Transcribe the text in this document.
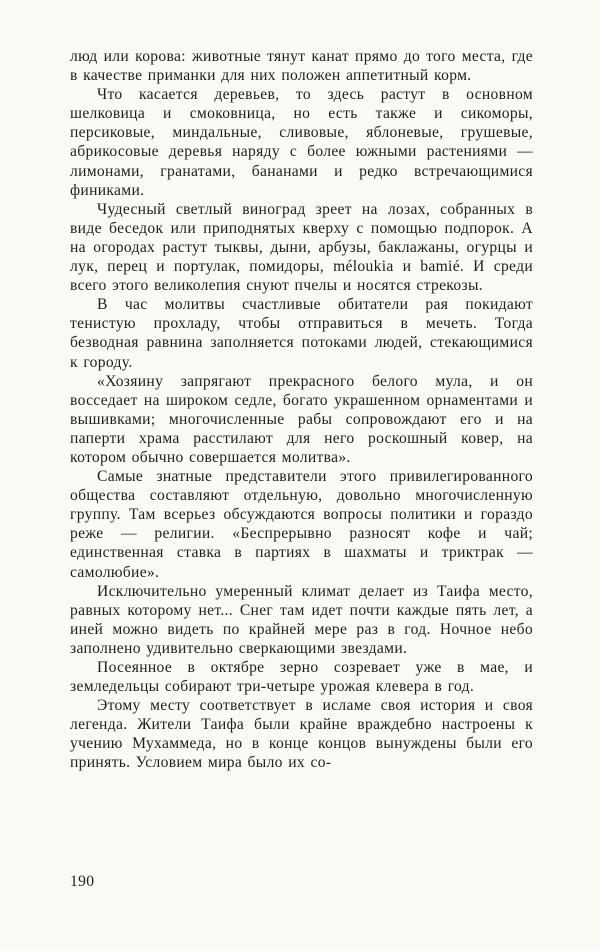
люд или корова: животные тянут канат прямо до того места, где в качестве приманки для них положен аппетитный корм.

Что касается деревьев, то здесь растут в основном шелковица и смоковница, но есть также и сикоморы, персиковые, миндальные, сливовые, яблоневые, грушевые, абрикосовые деревья наряду с более южными растениями — лимонами, гранатами, бананами и редко встречающимися финиками.

Чудесный светлый виноград зреет на лозах, собранных в виде беседок или приподнятых кверху с помощью подпорок. А на огородах растут тыквы, дыни, арбузы, баклажаны, огурцы и лук, перец и портулак, помидоры, méloukia и bamié. И среди всего этого великолепия снуют пчелы и носятся стрекозы.

В час молитвы счастливые обитатели рая покидают тенистую прохладу, чтобы отправиться в мечеть. Тогда безводная равнина заполняется потоками людей, стекающимися к городу.

«Хозяину запрягают прекрасного белого мула, и он восседает на широком седле, богато украшенном орнаментами и вышивками; многочисленные рабы сопровождают его и на паперти храма расстилают для него роскошный ковер, на котором обычно совершается молитва».

Самые знатные представители этого привилегированного общества составляют отдельную, довольно многочисленную группу. Там всерьез обсуждаются вопросы политики и гораздо реже — религии. «Беспрерывно разносят кофе и чай; единственная ставка в партиях в шахматы и триктрак — самолюбие».

Исключительно умеренный климат делает из Таифа место, равных которому нет... Снег там идет почти каждые пять лет, а иней можно видеть по крайней мере раз в год. Ночное небо заполнено удивительно сверкающими звездами.

Посеянное в октябре зерно созревает уже в мае, и земледельцы собирают три-четыре урожая клевера в год.

Этому месту соответствует в исламе своя история и своя легенда. Жители Таифа были крайне враждебно настроены к учению Мухаммеда, но в конце концов вынуждены были его принять. Условием мира было их со-

190
